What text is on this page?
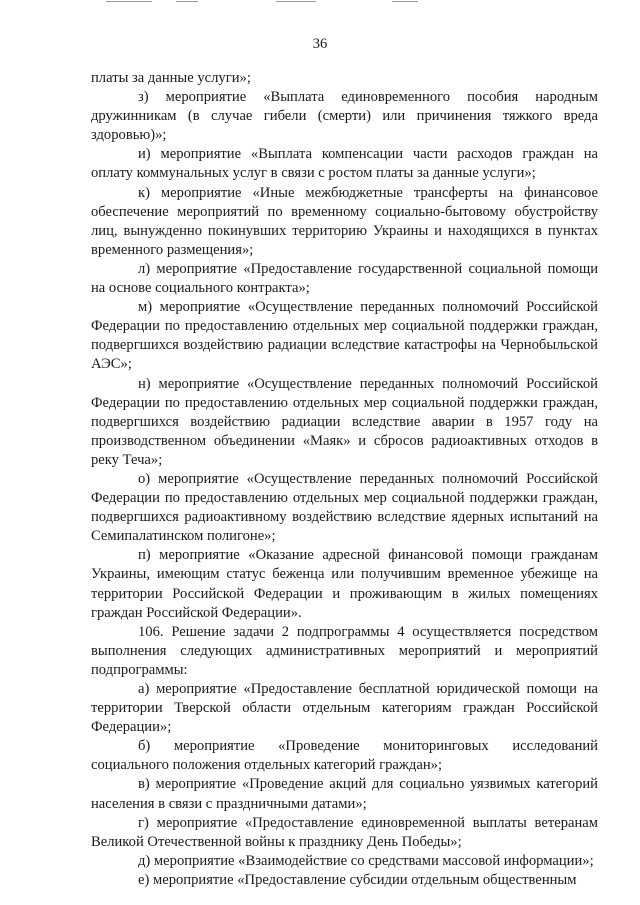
36

платы за данные услуги»;

з) мероприятие «Выплата единовременного пособия народным дружинникам (в случае гибели (смерти) или причинения тяжкого вреда здоровью)»;

и) мероприятие «Выплата компенсации части расходов граждан на оплату коммунальных услуг в связи с ростом платы за данные услуги»;

к) мероприятие «Иные межбюджетные трансферты на финансовое обеспечение мероприятий по временному социально-бытовому обустройству лиц, вынужденно покинувших территорию Украины и находящихся в пунктах временного размещения»;

л) мероприятие «Предоставление государственной социальной помощи на основе социального контракта»;

м) мероприятие «Осуществление переданных полномочий Российской Федерации по предоставлению отдельных мер социальной поддержки граждан, подвергшихся воздействию радиации вследствие катастрофы на Чернобыльской АЭС»;

н) мероприятие «Осуществление переданных полномочий Российской Федерации по предоставлению отдельных мер социальной поддержки граждан, подвергшихся воздействию радиации вследствие аварии в 1957 году на производственном объединении «Маяк» и сбросов радиоактивных отходов в реку Теча»;

о) мероприятие «Осуществление переданных полномочий Российской Федерации по предоставлению отдельных мер социальной поддержки граждан, подвергшихся радиоактивному воздействию вследствие ядерных испытаний на Семипалатинском полигоне»;

п) мероприятие «Оказание адресной финансовой помощи гражданам Украины, имеющим статус беженца или получившим временное убежище на территории Российской Федерации и проживающим в жилых помещениях граждан Российской Федерации».

106. Решение задачи 2 подпрограммы 4 осуществляется посредством выполнения следующих административных мероприятий и мероприятий подпрограммы:

а) мероприятие «Предоставление бесплатной юридической помощи на территории Тверской области отдельным категориям граждан Российской Федерации»;

б) мероприятие «Проведение мониторинговых исследований социального положения отдельных категорий граждан»;

в) мероприятие «Проведение акций для социально уязвимых категорий населения в связи с праздничными датами»;

г) мероприятие «Предоставление единовременной выплаты ветеранам Великой Отечественной войны к празднику День Победы»;

д) мероприятие «Взаимодействие со средствами массовой информации»;

е) мероприятие «Предоставление субсидии отдельным общественным
